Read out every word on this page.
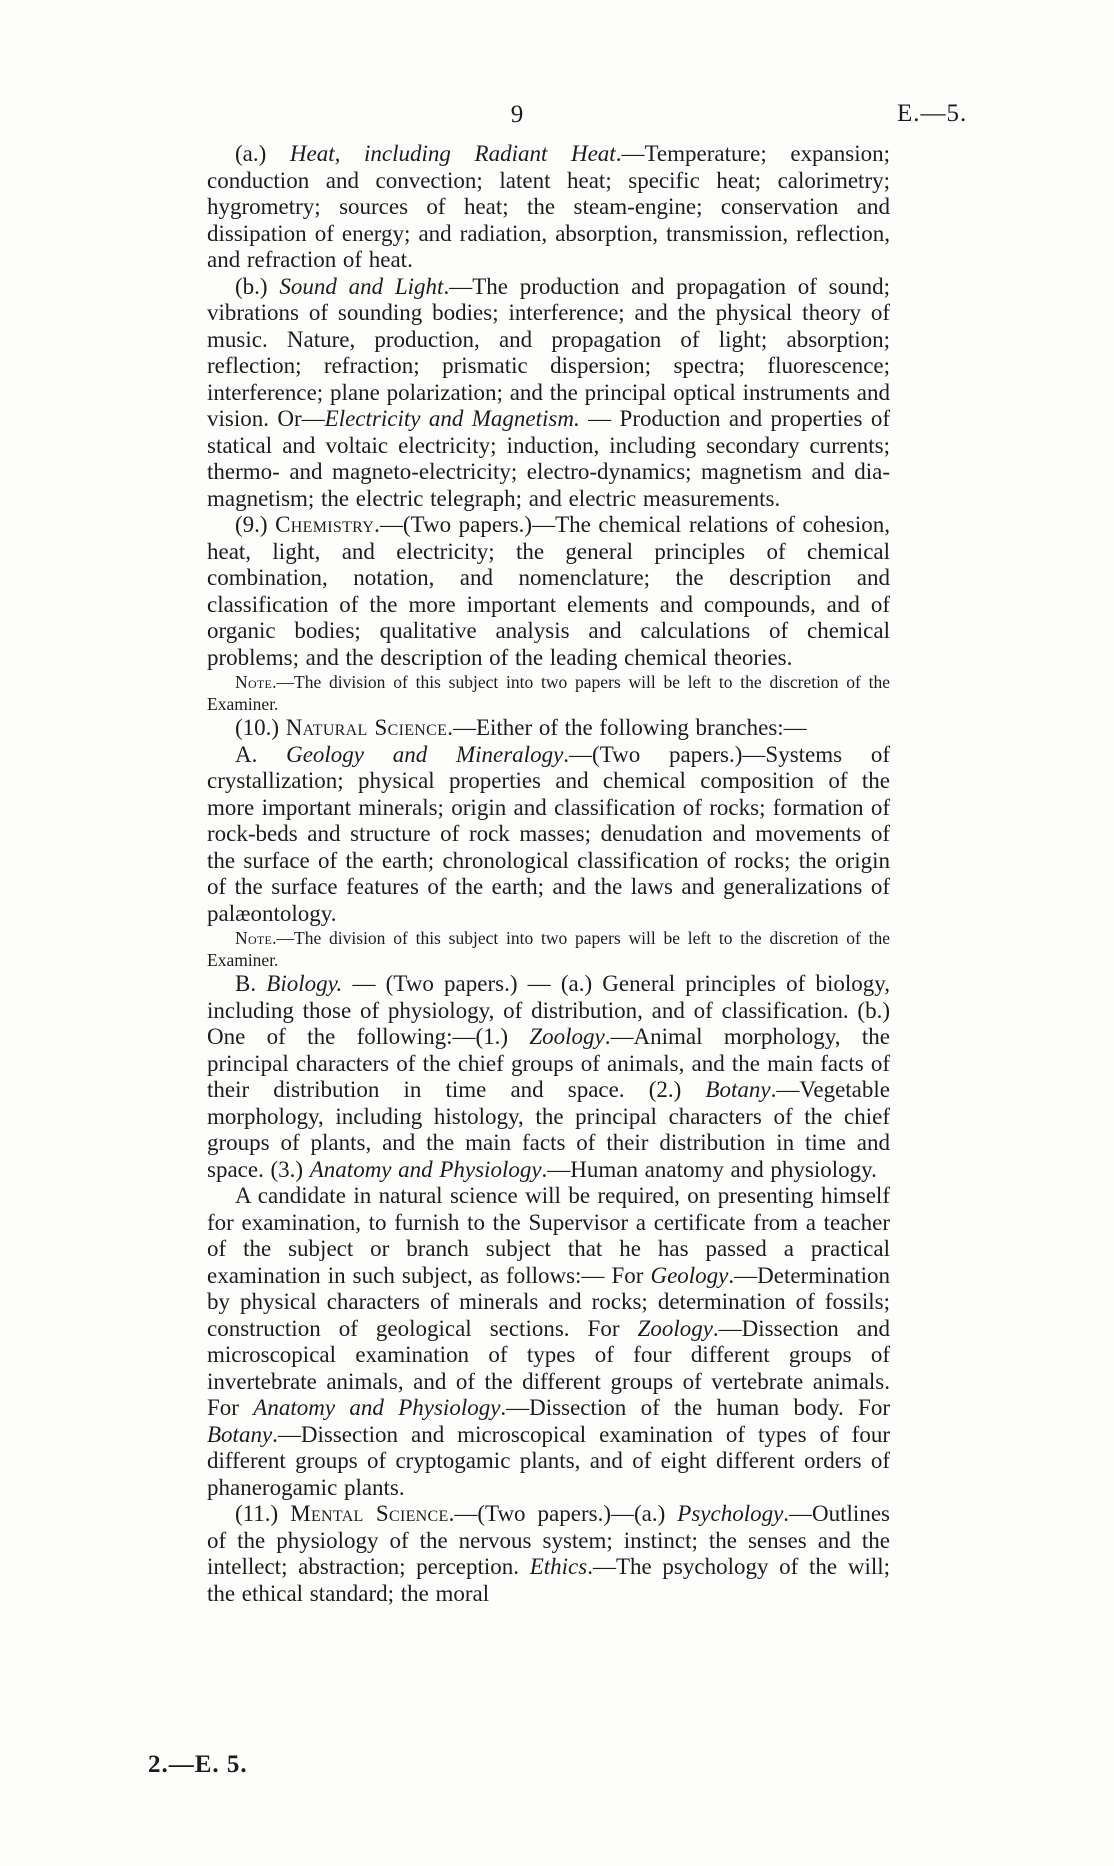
9	E.—5.

(a.) Heat, including Radiant Heat.—Temperature; expansion; conduction and convection; latent heat; specific heat; calorimetry; hygrometry; sources of heat; the steam-engine; conservation and dissipation of energy; and radiation, absorption, transmission, reflection, and refraction of heat.

(b.) Sound and Light.—The production and propagation of sound; vibrations of sounding bodies; interference; and the physical theory of music. Nature, production, and propagation of light; absorption; reflection; refraction; prismatic dispersion; spectra; fluorescence; interference; plane polarization; and the principal optical instruments and vision. Or—Electricity and Magnetism. — Production and properties of statical and voltaic electricity; induction, including secondary currents; thermo- and magneto-electricity; electro-dynamics; magnetism and dia-magnetism; the electric telegraph; and electric measurements.

(9.) Chemistry.—(Two papers.)—The chemical relations of cohesion, heat, light, and electricity; the general principles of chemical combination, notation, and nomenclature; the description and classification of the more important elements and compounds, and of organic bodies; qualitative analysis and calculations of chemical problems; and the description of the leading chemical theories.

Note.—The division of this subject into two papers will be left to the discretion of the Examiner.

(10.) Natural Science.—Either of the following branches:—

A. Geology and Mineralogy.—(Two papers.)—Systems of crystallization; physical properties and chemical composition of the more important minerals; origin and classification of rocks; formation of rock-beds and structure of rock masses; denudation and movements of the surface of the earth; chronological classification of rocks; the origin of the surface features of the earth; and the laws and generalizations of palæontology.

Note.—The division of this subject into two papers will be left to the discretion of the Examiner.

B. Biology. — (Two papers.) — (a.) General principles of biology, including those of physiology, of distribution, and of classification. (b.) One of the following:—(1.) Zoology.—Animal morphology, the principal characters of the chief groups of animals, and the main facts of their distribution in time and space. (2.) Botany.—Vegetable morphology, including histology, the principal characters of the chief groups of plants, and the main facts of their distribution in time and space. (3.) Anatomy and Physiology.—Human anatomy and physiology.

A candidate in natural science will be required, on presenting himself for examination, to furnish to the Supervisor a certificate from a teacher of the subject or branch subject that he has passed a practical examination in such subject, as follows:— For Geology.—Determination by physical characters of minerals and rocks; determination of fossils; construction of geological sections. For Zoology.—Dissection and microscopical examination of types of four different groups of invertebrate animals, and of the different groups of vertebrate animals. For Anatomy and Physiology.—Dissection of the human body. For Botany.—Dissection and microscopical examination of types of four different groups of cryptogamic plants, and of eight different orders of phanerogamic plants.

(11.) Mental Science.—(Two papers.)—(a.) Psychology.—Outlines of the physiology of the nervous system; instinct; the senses and the intellect; abstraction; perception. Ethics.—The psychology of the will; the ethical standard; the moral

2.—E. 5.
